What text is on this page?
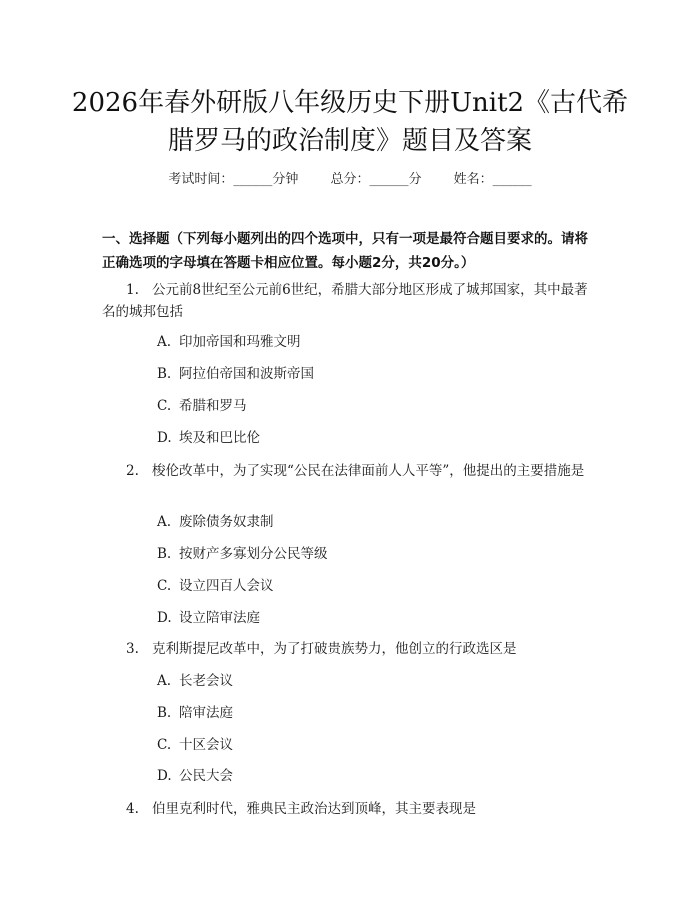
2026年春外研版八年级历史下册Unit2《古代希腊罗马的政治制度》题目及答案
考试时间：______分钟 总分：______分 姓名：______
一、选择题（下列每小题列出的四个选项中，只有一项是最符合题目要求的。请将正确选项的字母填在答题卡相应位置。每小题2分，共20分。）
1. 公元前8世纪至公元前6世纪，希腊大部分地区形成了城邦国家，其中最著名的城邦包括
A. 印加帝国和玛雅文明
B. 阿拉伯帝国和波斯帝国
C. 希腊和罗马
D. 埃及和巴比伦
2. 梭伦改革中，为了实现“公民在法律面前人人平等”，他提出的主要措施是
A. 废除债务奴隶制
B. 按财产多寡划分公民等级
C. 设立四百人会议
D. 设立陪审法庭
3. 克利斯提尼改革中，为了打破贵族势力，他创立的行政选区是
A. 长老会议
B. 陪审法庭
C. 十区会议
D. 公民大会
4. 伯里克利时代，雅典民主政治达到顶峰，其主要表现是
